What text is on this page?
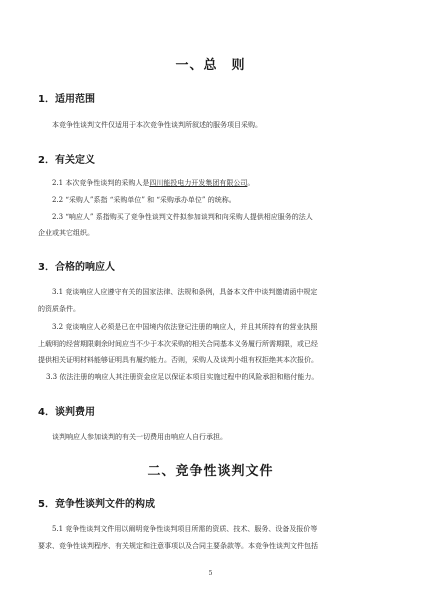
一、总　则
1．适用范围
本竞争性谈判文件仅适用于本次竞争性谈判所叙述的服务项目采购。
2．有关定义
2.1 本次竞争性谈判的采购人是四川能投电力开发集团有限公司。
2.2 “采购人”系指 “采购单位” 和 “采购承办单位” 的统称。
2.3 “响应人” 系指购买了竞争性谈判文件拟参加谈判和向采购人提供相应服务的法人
企业或其它组织。
3．合格的响应人
3.1 竞谈响应人应遵守有关的国家法律、法规和条例，具备本文件中谈判邀请函中规定
的资质条件。
3.2 竞谈响应人必须是已在中国境内依法登记注册的响应人，并且其所持有的营业执照
上载明的经营期限剩余时间应当不少于本次采购的相关合同基本义务履行所需期限，或已经
提供相关证明材料能够证明具有履约能力。否则，采购人及谈判小组有权拒绝其本次报价。
3.3 依法注册的响应人其注册资金应足以保证本项目实施过程中的风险承担和赔付能力。
4．谈判费用
谈判响应人参加谈判的有关一切费用由响应人自行承担。
二、竞争性谈判文件
5．竞争性谈判文件的构成
5.1 竞争性谈判文件用以阐明竞争性谈判项目所需的资质、技术、服务、设备及报价等
要求、竞争性谈判程序、有关规定和注意事项以及合同主要条款等。本竞争性谈判文件包括
5
